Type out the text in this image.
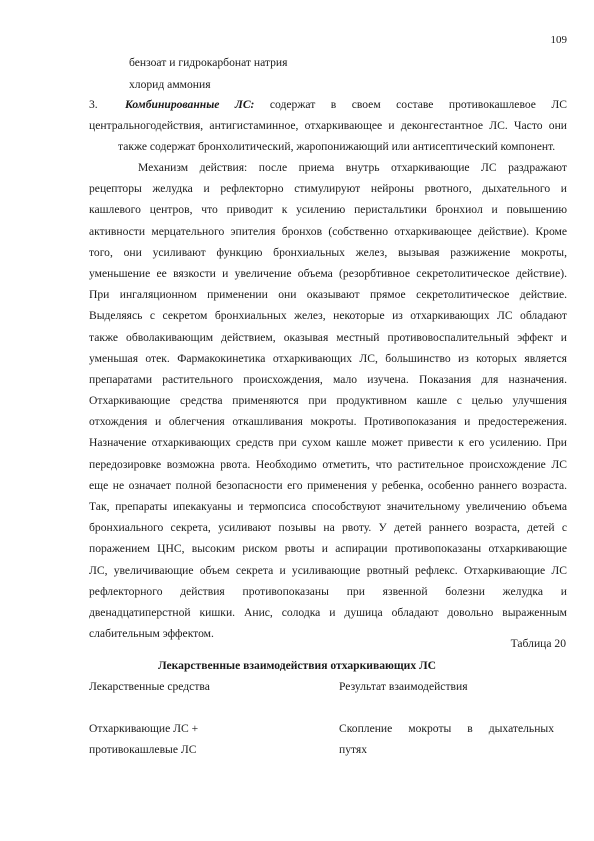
109
бензоат и гидрокарбонат натрия
хлорид аммония
3. Комбинированные ЛС: содержат в своем составе противокашлевое ЛС
центральногодействия, антигистаминное, отхаркивающее и деконгестантное ЛС. Часто они
также содержат бронхолитический, жаропонижающий или антисептический компонент.
Механизм действия: после приема внутрь отхаркивающие ЛС раздражают
рецепторы желудка и рефлекторно стимулируют нейроны рвотного, дыхательного и
кашлевого центров, что приводит к усилению перистальтики бронхиол и повышению
активности мерцательного эпителия бронхов (собственно отхаркивающее действие). Кроме
того, они усиливают функцию бронхиальных желез, вызывая разжижение мокроты,
уменьшение ее вязкости и увеличение объема (резорбтивное секретолитическое действие).
При ингаляционном применении они оказывают прямое секретолитическое действие.
Выделяясь с секретом бронхиальных желез, некоторые из отхаркивающих ЛС обладают
также обволакивающим действием, оказывая местный противовоспалительный эффект и
уменьшая отек. Фармакокинетика отхаркивающих ЛС, большинство из которых является
препаратами растительного происхождения, мало изучена. Показания для назначения.
Отхаркивающие средства применяются при продуктивном кашле с целью улучшения
отхождения и облегчения откашливания мокроты. Противопоказания и предостережения.
Назначение отхаркивающих средств при сухом кашле может привести к его усилению. При
передозировке возможна рвота. Необходимо отметить, что растительное происхождение ЛС
еще не означает полной безопасности его применения у ребенка, особенно раннего возраста.
Так, препараты ипекакуаны и термопсиса способствуют значительному увеличению объема
бронхиального секрета, усиливают позывы на рвоту. У детей раннего возраста, детей с
поражением ЦНС, высоким риском рвоты и аспирации противопоказаны отхаркивающие
ЛС, увеличивающие объем секрета и усиливающие рвотный рефлекс. Отхаркивающие ЛС
рефлекторного действия противопоказаны при язвенной болезни желудка и
двенадцатиперстной кишки. Анис, солодка и душица обладают довольно выраженным
слабительным эффектом.
Таблица 20
Лекарственные взаимодействия отхаркивающих ЛС
Лекарственные средства	Результат взаимодействия
Отхаркивающие ЛС +
противокашлевые ЛС
Скопление мокроты в дыхательных
путях
